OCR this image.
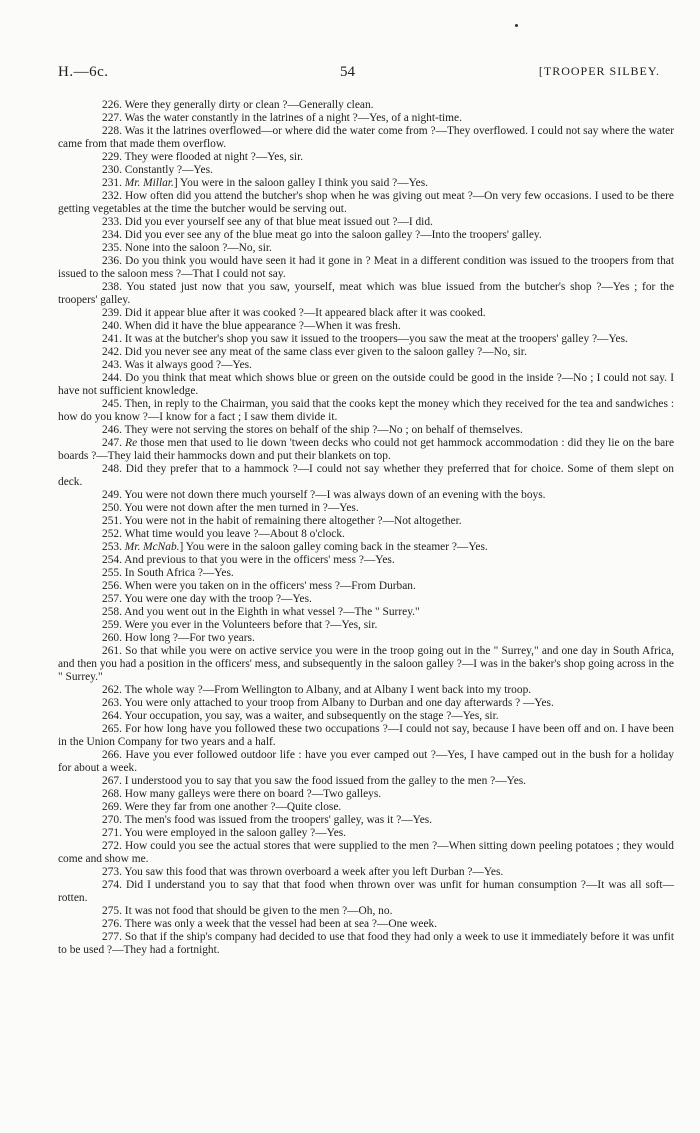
H.—6c.	54	[TROOPER SILBEY.

226. Were they generally dirty or clean ?—Generally clean.

227. Was the water constantly in the latrines of a night ?—Yes, of a night-time.

228. Was it the latrines overflowed—or where did the water come from ?—They overflowed. I could not say where the water came from that made them overflow.

229. They were flooded at night ?—Yes, sir.

230. Constantly ?—Yes.

231. Mr. Millar.] You were in the saloon galley I think you said ?—Yes.

232. How often did you attend the butcher's shop when he was giving out meat ?—On very few occasions. I used to be there getting vegetables at the time the butcher would be serving out.

233. Did you ever yourself see any of that blue meat issued out ?—I did.

234. Did you ever see any of the blue meat go into the saloon galley ?—Into the troopers' galley.

235. None into the saloon ?—No, sir.

236. Do you think you would have seen it had it gone in ? Meat in a different condition was issued to the troopers from that issued to the saloon mess ?—That I could not say.

238. You stated just now that you saw, yourself, meat which was blue issued from the butcher's shop ?—Yes ; for the troopers' galley.

239. Did it appear blue after it was cooked ?—It appeared black after it was cooked.

240. When did it have the blue appearance ?—When it was fresh.

241. It was at the butcher's shop you saw it issued to the troopers—you saw the meat at the troopers' galley ?—Yes.

242. Did you never see any meat of the same class ever given to the saloon galley ?—No, sir.

243. Was it always good ?—Yes.

244. Do you think that meat which shows blue or green on the outside could be good in the inside ?—No ; I could not say. I have not sufficient knowledge.

245. Then, in reply to the Chairman, you said that the cooks kept the money which they received for the tea and sandwiches : how do you know ?—I know for a fact ; I saw them divide it.

246. They were not serving the stores on behalf of the ship ?—No ; on behalf of themselves.

247. Re those men that used to lie down 'tween decks who could not get hammock accommodation : did they lie on the bare boards ?—They laid their hammocks down and put their blankets on top.

248. Did they prefer that to a hammock ?—I could not say whether they preferred that for choice. Some of them slept on deck.

249. You were not down there much yourself ?—I was always down of an evening with the boys.

250. You were not down after the men turned in ?—Yes.

251. You were not in the habit of remaining there altogether ?—Not altogether.

252. What time would you leave ?—About 8 o'clock.

253. Mr. McNab.] You were in the saloon galley coming back in the steamer ?—Yes.

254. And previous to that you were in the officers' mess ?—Yes.

255. In South Africa ?—Yes.

256. When were you taken on in the officers' mess ?—From Durban.

257. You were one day with the troop ?—Yes.

258. And you went out in the Eighth in what vessel ?—The " Surrey."

259. Were you ever in the Volunteers before that ?—Yes, sir.

260. How long ?—For two years.

261. So that while you were on active service you were in the troop going out in the " Surrey," and one day in South Africa, and then you had a position in the officers' mess, and subsequently in the saloon galley ?—I was in the baker's shop going across in the " Surrey."

262. The whole way ?—From Wellington to Albany, and at Albany I went back into my troop.

263. You were only attached to your troop from Albany to Durban and one day afterwards ? —Yes.

264. Your occupation, you say, was a waiter, and subsequently on the stage ?—Yes, sir.

265. For how long have you followed these two occupations ?—I could not say, because I have been off and on. I have been in the Union Company for two years and a half.

266. Have you ever followed outdoor life : have you ever camped out ?—Yes, I have camped out in the bush for a holiday for about a week.

267. I understood you to say that you saw the food issued from the galley to the men ?—Yes.

268. How many galleys were there on board ?—Two galleys.

269. Were they far from one another ?—Quite close.

270. The men's food was issued from the troopers' galley, was it ?—Yes.

271. You were employed in the saloon galley ?—Yes.

272. How could you see the actual stores that were supplied to the men ?—When sitting down peeling potatoes ; they would come and show me.

273. You saw this food that was thrown overboard a week after you left Durban ?—Yes.

274. Did I understand you to say that that food when thrown over was unfit for human consumption ?—It was all soft—rotten.

275. It was not food that should be given to the men ?—Oh, no.

276. There was only a week that the vessel had been at sea ?—One week.

277. So that if the ship's company had decided to use that food they had only a week to use it immediately before it was unfit to be used ?—They had a fortnight.
